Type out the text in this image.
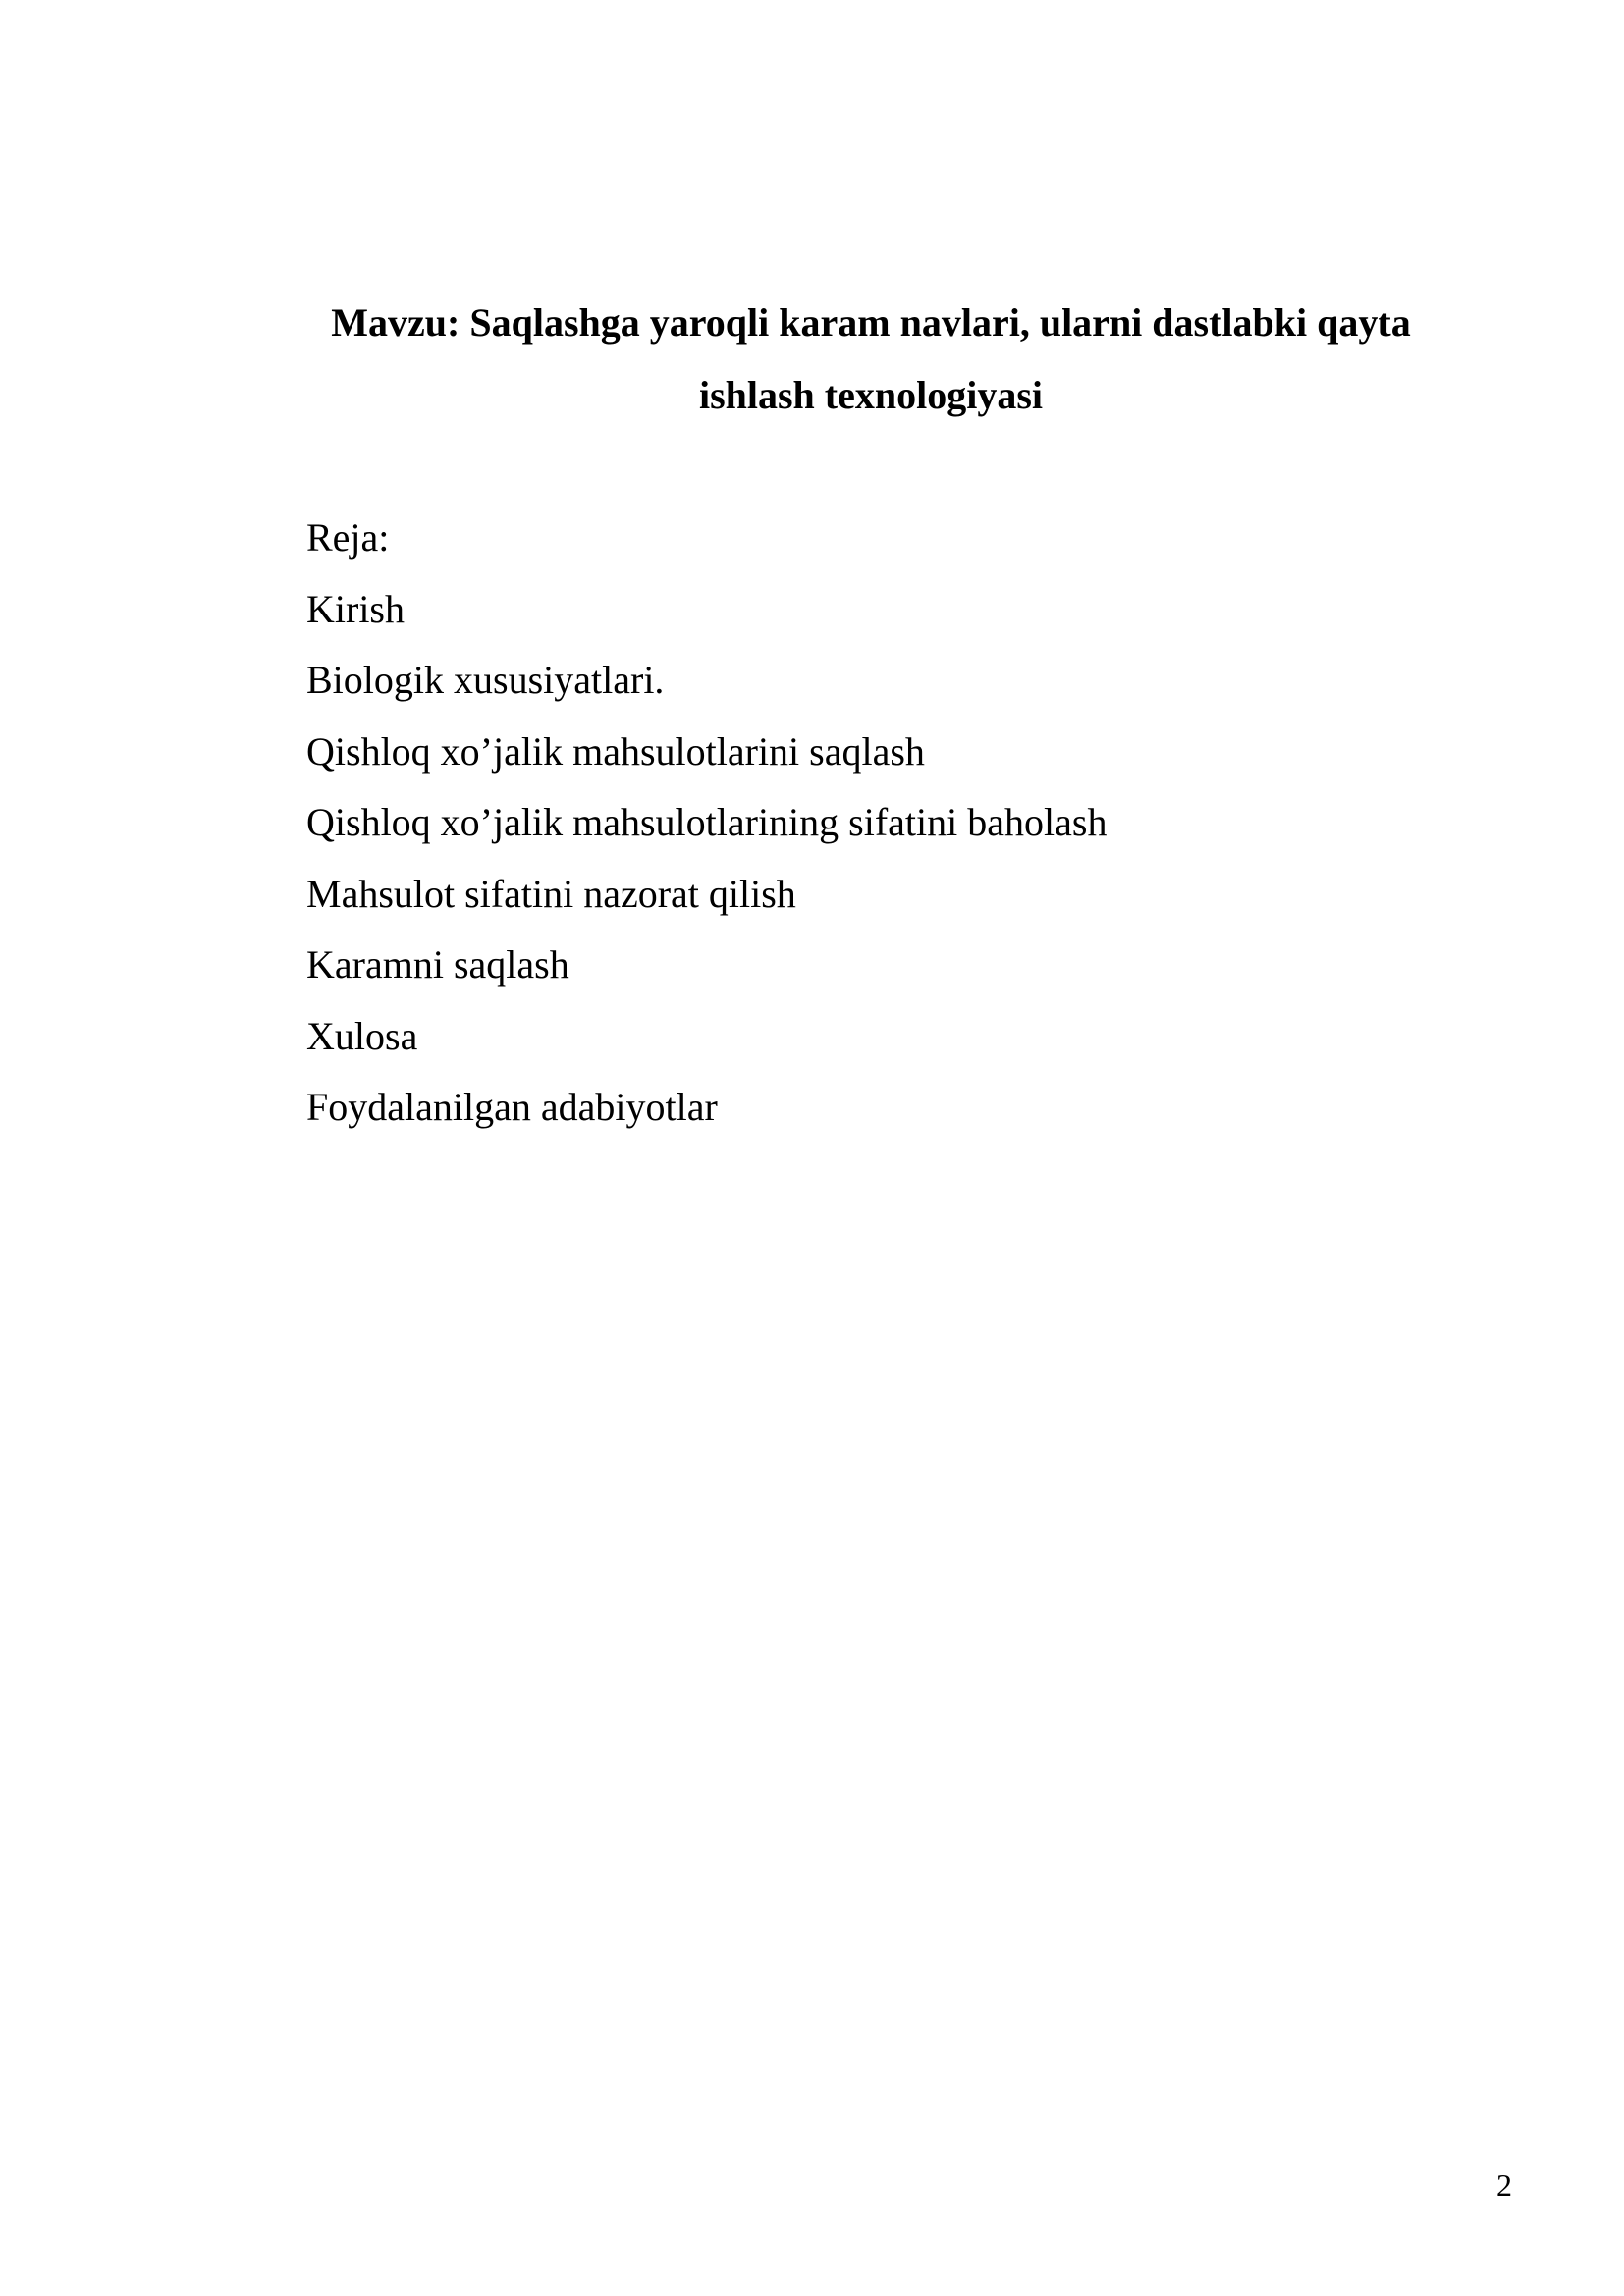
Mavzu: Saqlashga yaroqli karam navlari, ularni dastlabki qayta
ishlash texnologiyasi
Reja:
Kirish
Biologik xususiyatlari.
Qishloq xo’jalik mahsulotlarini saqlash
Qishloq xo’jalik mahsulotlarining sifatini baholash
Mahsulot sifatini nazorat qilish
Karamni saqlash
Xulosa
Foydalanilgan adabiyotlar
2
